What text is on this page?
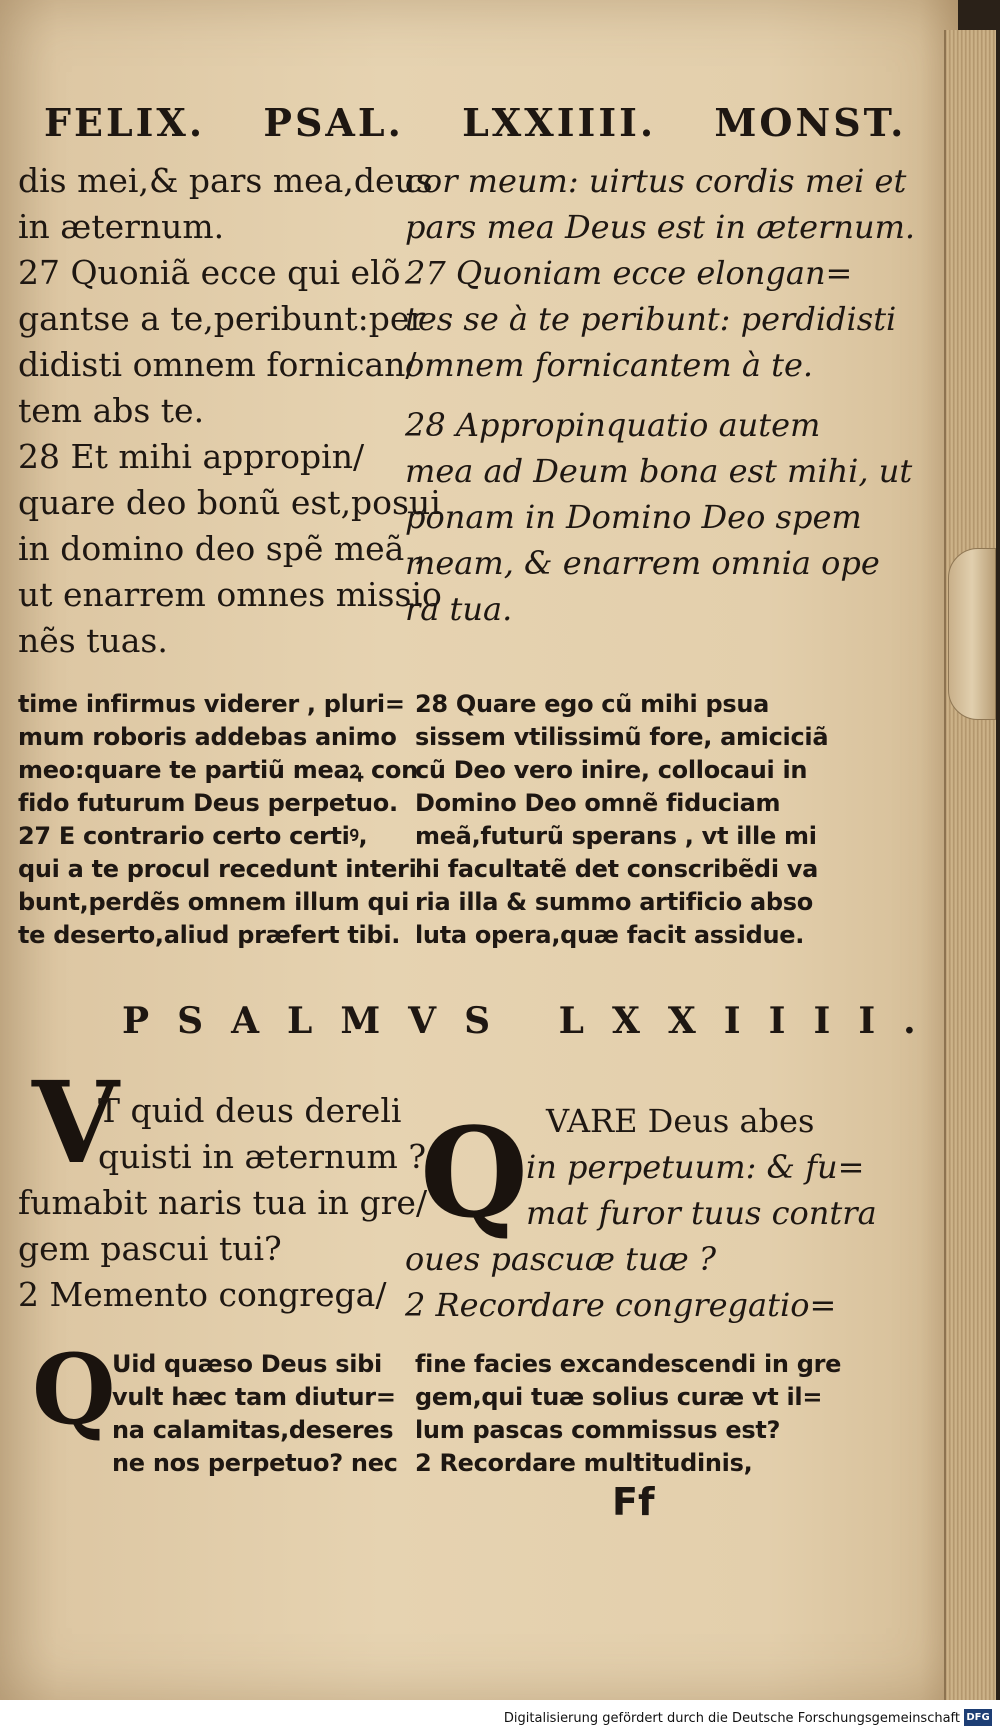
FELIX. PSAL. LXXIIII. MONST.
dis mei,& pars mea,deus
in æternum.
27 Quoniã ecce qui elõ
gantse a te,peribunt:per
didisti omnem fornican/
tem abs te.
28 Et mihi appropin/
quare deo bonũ est,posui
in domino deo spẽ meã ,
ut enarrem omnes missio
nẽs tuas.
cor meum: uirtus cordis mei et
pars mea Deus est in æternum.
27 Quoniam ecce elongan=
tes se à te peribunt: perdidisti
omnem fornicantem à te.
28 Appropinquatio autem
mea ad Deum bona est mihi, ut
ponam in Domino Deo spem
meam, & enarrem omnia ope
ra tua.
time infirmus viderer , pluri=
mum roboris addebas animo
meo:quare te partiũ meaꝝ con
fido futurum Deus perpetuo.
27 E contrario certo certiꝰ,
qui a te procul recedunt interi
bunt,perdẽs omnem illum qui
te deserto,aliud præfert tibi.
28 Quare ego cũ mihi psua
sissem vtilissimũ fore, amiciciã
cũ Deo vero inire, collocaui in
Domino Deo omnẽ fiduciam
meã,futurũ sperans , vt ille mi
hi facultatẽ det conscribẽdi va
ria illa & summo artificio abso
luta opera,quæ facit assidue.
PSALMVS LXXIIII.
V
T quid deus dereli
quisti in æternum ?
fumabit naris tua in gre/
gem pascui tui?
2 Memento congrega/
VARE Deus abes
Q
in perpetuum: & fu=
mat furor tuus contra
oues pascuæ tuæ ?
2 Recordare congregatio=
Q
Uid quæso Deus sibi
vult hæc tam diutur=
na calamitas,deseres
ne nos perpetuo? nec
fine facies excandescendi in gre
gem,qui tuæ solius curæ vt il=
lum pascas commissus est?
2 Recordare multitudinis,
Ff
Digitalisierung gefördert durch die Deutsche Forschungsgemeinschaft DFG
